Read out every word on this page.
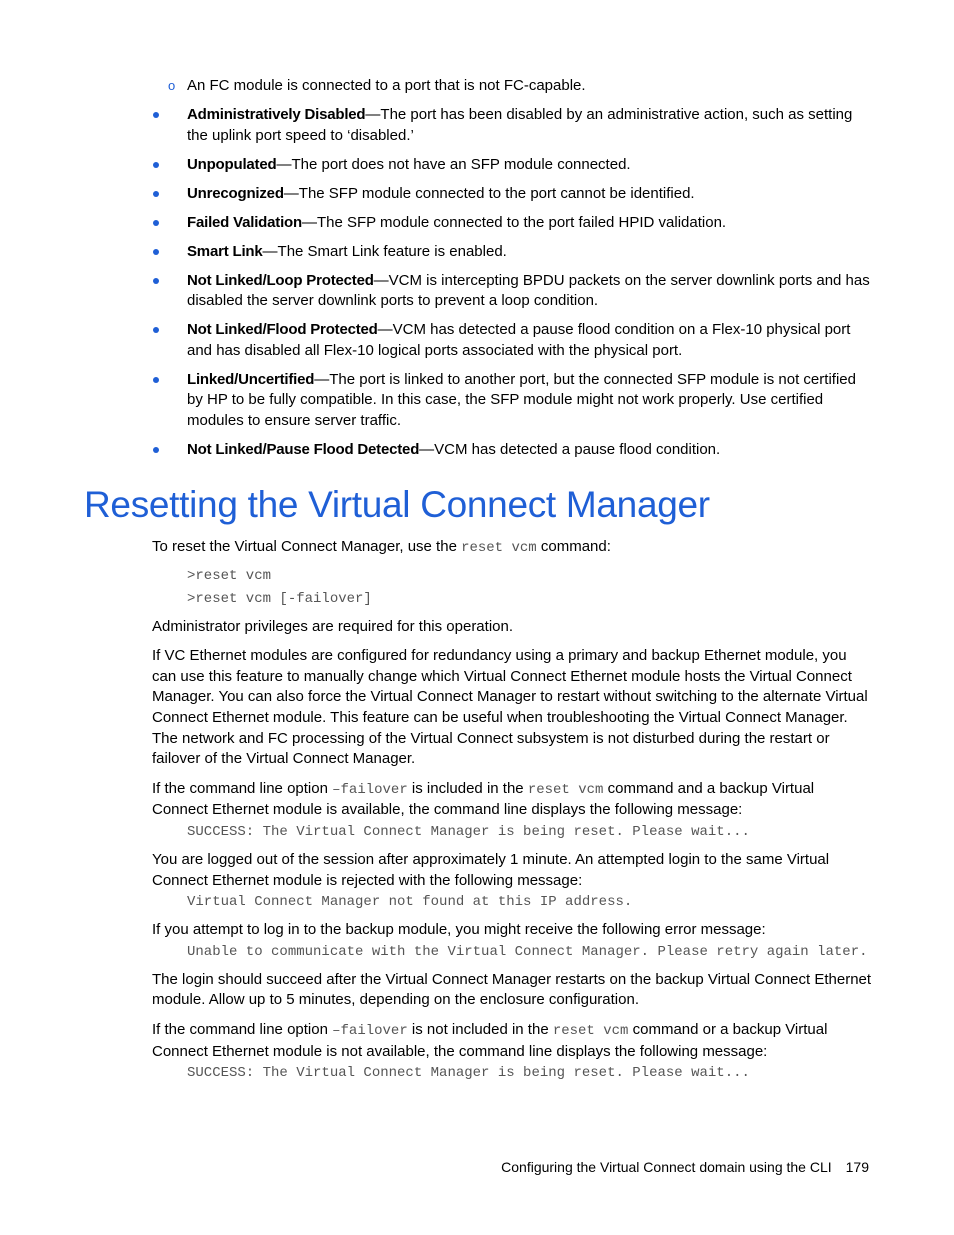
o An FC module is connected to a port that is not FC-capable.
Administratively Disabled—The port has been disabled by an administrative action, such as setting the uplink port speed to ‘disabled.’
Unpopulated—The port does not have an SFP module connected.
Unrecognized—The SFP module connected to the port cannot be identified.
Failed Validation—The SFP module connected to the port failed HPID validation.
Smart Link—The Smart Link feature is enabled.
Not Linked/Loop Protected—VCM is intercepting BPDU packets on the server downlink ports and has disabled the server downlink ports to prevent a loop condition.
Not Linked/Flood Protected—VCM has detected a pause flood condition on a Flex-10 physical port and has disabled all Flex-10 logical ports associated with the physical port.
Linked/Uncertified—The port is linked to another port, but the connected SFP module is not certified by HP to be fully compatible. In this case, the SFP module might not work properly. Use certified modules to ensure server traffic.
Not Linked/Pause Flood Detected—VCM has detected a pause flood condition.
Resetting the Virtual Connect Manager

To reset the Virtual Connect Manager, use the reset vcm command:

>reset vcm
>reset vcm [-failover]

Administrator privileges are required for this operation.

If VC Ethernet modules are configured for redundancy using a primary and backup Ethernet module, you can use this feature to manually change which Virtual Connect Ethernet module hosts the Virtual Connect Manager. You can also force the Virtual Connect Manager to restart without switching to the alternate Virtual Connect Ethernet module. This feature can be useful when troubleshooting the Virtual Connect Manager. The network and FC processing of the Virtual Connect subsystem is not disturbed during the restart or failover of the Virtual Connect Manager.

If the command line option –failover is included in the reset vcm command and a backup Virtual Connect Ethernet module is available, the command line displays the following message:

SUCCESS: The Virtual Connect Manager is being reset. Please wait...

You are logged out of the session after approximately 1 minute. An attempted login to the same Virtual Connect Ethernet module is rejected with the following message:

Virtual Connect Manager not found at this IP address.

If you attempt to log in to the backup module, you might receive the following error message:

Unable to communicate with the Virtual Connect Manager. Please retry again later.

The login should succeed after the Virtual Connect Manager restarts on the backup Virtual Connect Ethernet module. Allow up to 5 minutes, depending on the enclosure configuration.

If the command line option –failover is not included in the reset vcm command or a backup Virtual Connect Ethernet module is not available, the command line displays the following message:

SUCCESS: The Virtual Connect Manager is being reset. Please wait...
Configuring the Virtual Connect domain using the CLI 179
